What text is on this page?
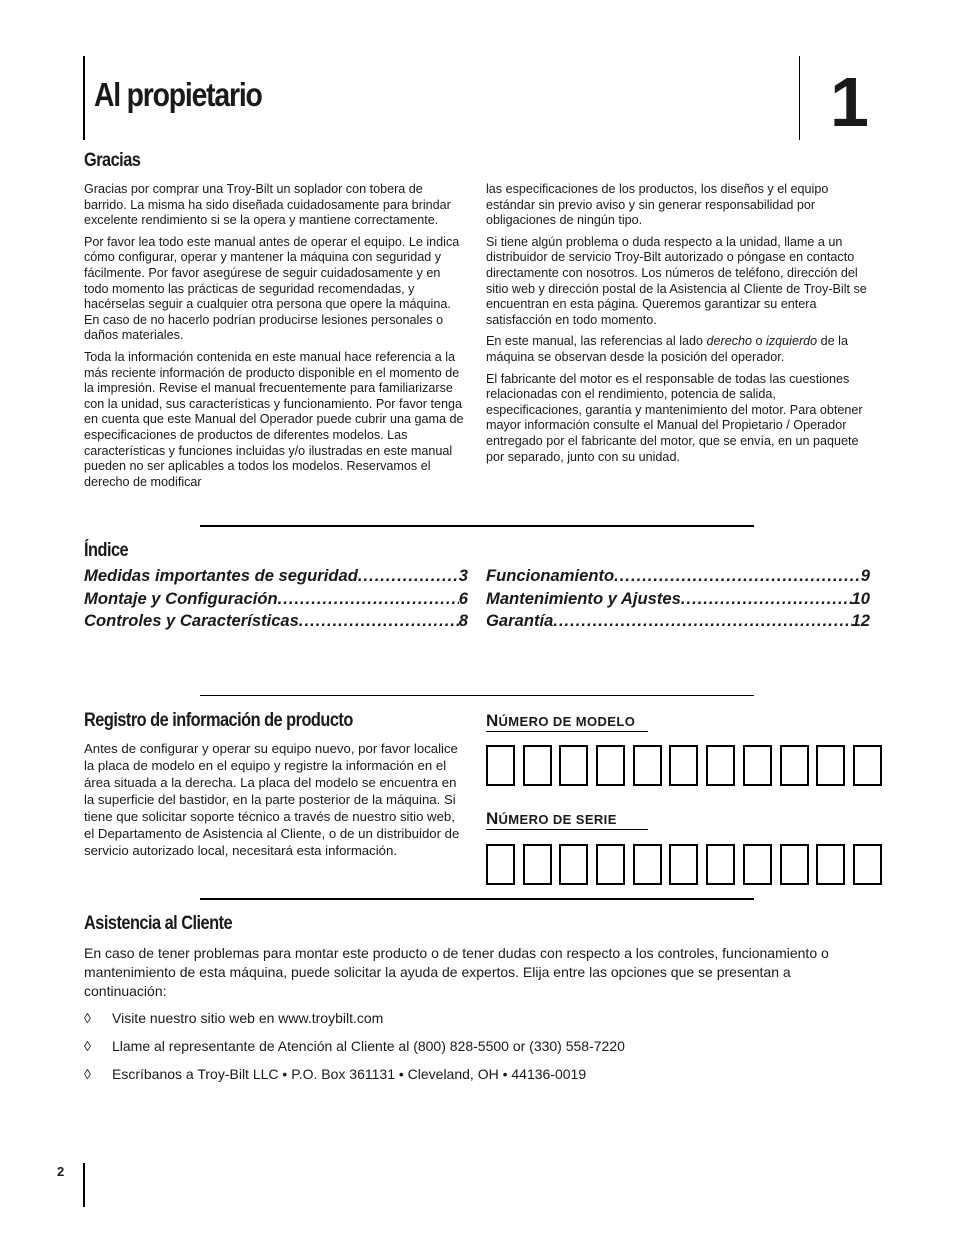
Al propietario	1
Gracias

Gracias por comprar una Troy-Bilt un soplador con tobera de barrido. La misma ha sido diseñada cuidadosamente para brindar excelente rendimiento si se la opera y mantiene correctamente.

Por favor lea todo este manual antes de operar el equipo. Le indica cómo configurar, operar y mantener la máquina con seguridad y fácilmente. Por favor asegúrese de seguir cuidadosamente y en todo momento las prácticas de seguridad recomendadas, y hacérselas seguir a cualquier otra persona que opere la máquina. En caso de no hacerlo podrían producirse lesiones personales o daños materiales.

Toda la información contenida en este manual hace referencia a la más reciente información de producto disponible en el momento de la impresión. Revise el manual frecuentemente para familiarizarse con la unidad, sus características y funcionamiento. Por favor tenga en cuenta que este Manual del Operador puede cubrir una gama de especificaciones de productos de diferentes modelos. Las características y funciones incluidas y/o ilustradas en este manual pueden no ser aplicables a todos los modelos. Reservamos el derecho de modificar

las especificaciones de los productos, los diseños y el equipo estándar sin previo aviso y sin generar responsabilidad por obligaciones de ningún tipo.

Si tiene algún problema o duda respecto a la unidad, llame a un distribuidor de servicio Troy-Bilt autorizado o póngase en contacto directamente con nosotros. Los números de teléfono, dirección del sitio web y dirección postal de la Asistencia al Cliente de Troy-Bilt se encuentran en esta página. Queremos garantizar su entera satisfacción en todo momento.

En este manual, las referencias al lado derecho o izquierdo de la máquina se observan desde la posición del operador.

El fabricante del motor es el responsable de todas las cuestiones relacionadas con el rendimiento, potencia de salida, especificaciones, garantía y mantenimiento del motor. Para obtener mayor información consulte el Manual del Propietario / Operador entregado por el fabricante del motor, que se envía, en un paquete por separado, junto con su unidad.

Índice
Medidas importantes de seguridad .....	3
Montaje y Configuración .....	6
Controles y Características .....	8
Funcionamiento .....	9
Mantenimiento y Ajustes .....	10
Garantía .....	12
Registro de información de producto
Antes de configurar y operar su equipo nuevo, por favor localice la placa de modelo en el equipo y registre la información en el área situada a la derecha. La placa del modelo se encuentra en la superficie del bastidor, en la parte posterior de la máquina. Si tiene que solicitar soporte técnico a través de nuestro sitio web, el Departamento de Asistencia al Cliente, o de un distribuidor de servicio autorizado local, necesitará esta información.
NÚMERO DE MODELO
NÚMERO DE SERIE
Asistencia al Cliente
En caso de tener problemas para montar este producto o de tener dudas con respecto a los controles, funcionamiento o mantenimiento de esta máquina, puede solicitar la ayuda de expertos. Elija entre las opciones que se presentan a continuación:
◊ Visite nuestro sitio web en www.troybilt.com
◊ Llame al representante de Atención al Cliente al (800) 828-5500 or (330) 558-7220
◊ Escríbanos a Troy-Bilt LLC • P.O. Box 361131 • Cleveland, OH • 44136-0019
2
